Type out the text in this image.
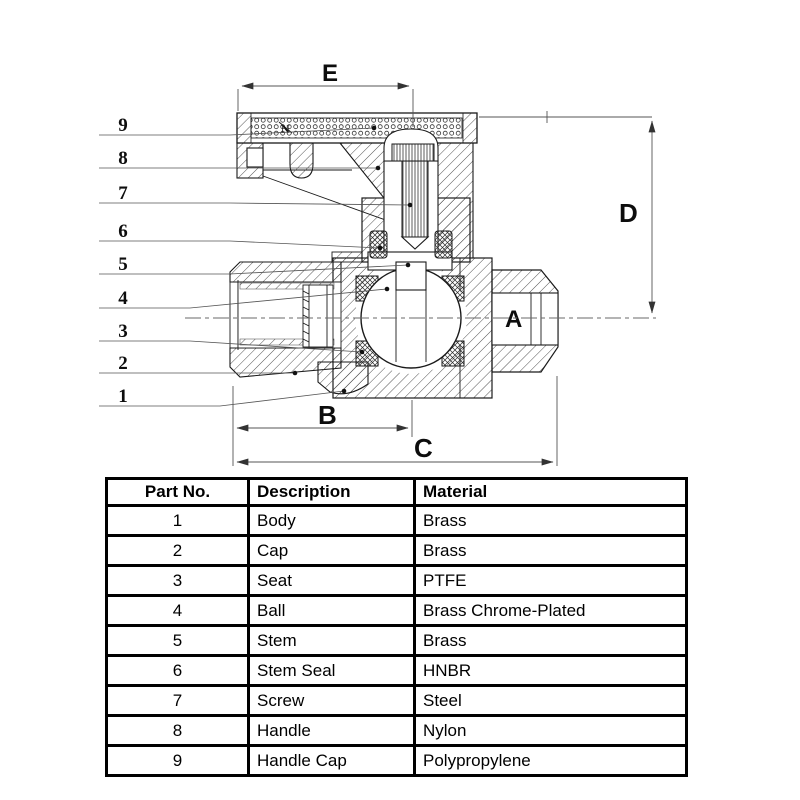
N
A
E
D
B
C
9
8
7
6
5
4
3
2
1
Part No.	Description	Material
1	Body	Brass
2	Cap	Brass
3	Seat	PTFE
4	Ball	Brass Chrome-Plated
5	Stem	Brass
6	Stem Seal	HNBR
7	Screw	Steel
8	Handle	Nylon
9	Handle Cap	Polypropylene
